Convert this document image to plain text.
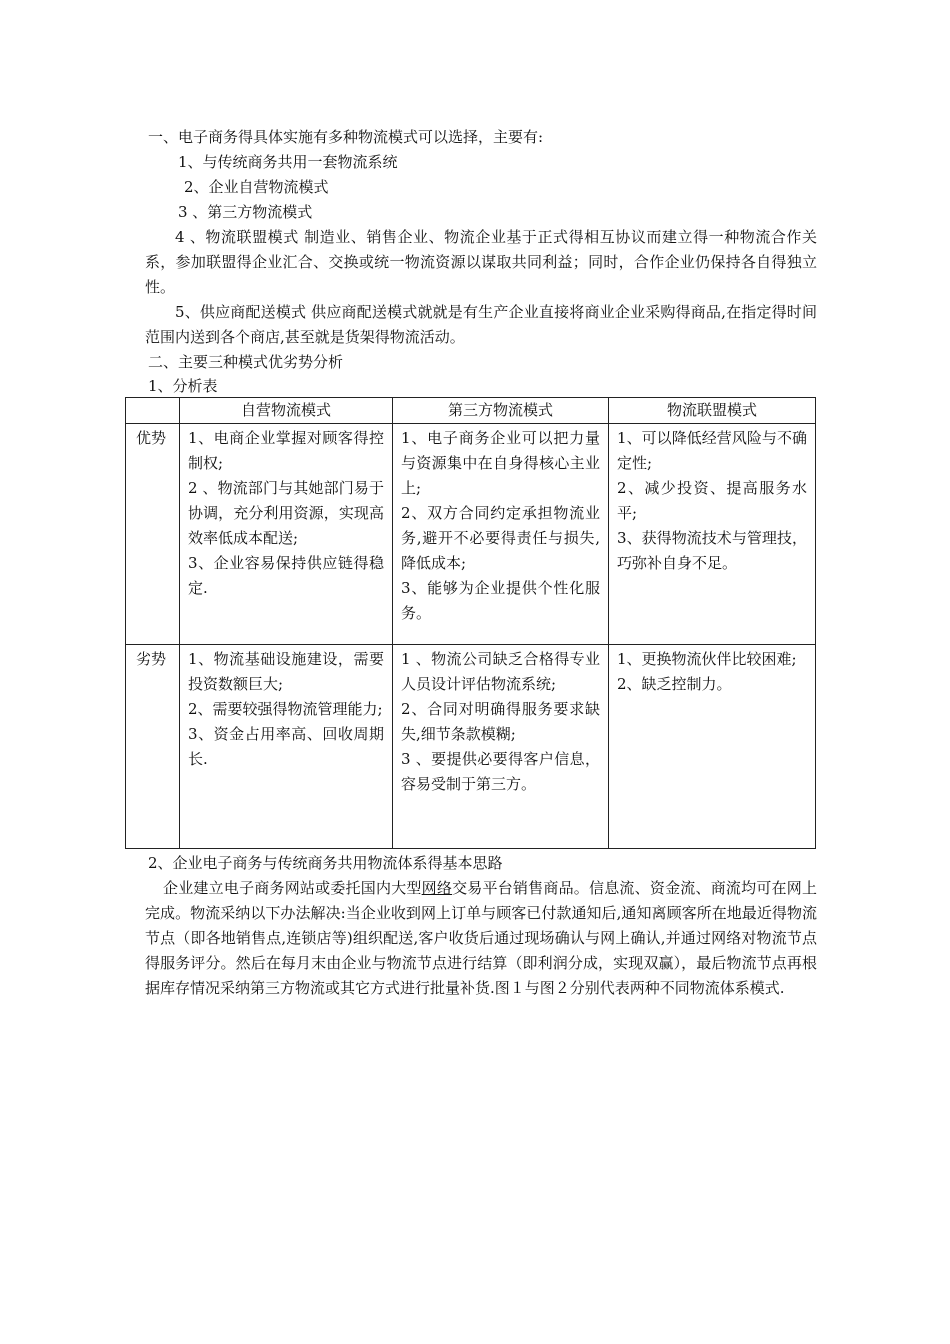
一、电子商务得具体实施有多种物流模式可以选择，主要有:
1、与传统商务共用一套物流系统
2、企业自营物流模式
3 、第三方物流模式
4 、物流联盟模式 制造业、销售企业、物流企业基于正式得相互协议而建立得一种物流合作关系，参加联盟得企业汇合、交换或统一物流资源以谋取共同利益；同时，合作企业仍保持各自得独立性。
5、供应商配送模式 供应商配送模式就就是有生产企业直接将商业企业采购得商品,在指定得时间范围内送到各个商店,甚至就是货架得物流活动。
二、主要三种模式优劣势分析
1、分析表
	自营物流模式	第三方物流模式	物流联盟模式
优势	1、电商企业掌握对顾客得控制权;
2 、物流部门与其她部门易于协调，充分利用资源，实现高效率低成本配送;
3、企业容易保持供应链得稳定.	1、电子商务企业可以把力量与资源集中在自身得核心主业上;
2、双方合同约定承担物流业务,避开不必要得责任与损失,降低成本;
3、能够为企业提供个性化服务。	1、可以降低经营风险与不确定性;
2、减少投资、提高服务水平;
3、获得物流技术与管理技，巧弥补自身不足。

劣势	1、物流基础设施建设，需要投资数额巨大;
2、需要较强得物流管理能力;
3、资金占用率高、回收周期长.	1 、物流公司缺乏合格得专业人员设计评估物流系统;
2、合同对明确得服务要求缺失,细节条款模糊;
3 、要提供必要得客户信息，容易受制于第三方。	1、更换物流伙伴比较困难;
2、缺乏控制力。
2、企业电子商务与传统商务共用物流体系得基本思路
企业建立电子商务网站或委托国内大型网络交易平台销售商品。信息流、资金流、商流均可在网上完成。物流采纳以下办法解决:当企业收到网上订单与顾客已付款通知后,通知离顾客所在地最近得物流节点（即各地销售点,连锁店等)组织配送,客户收货后通过现场确认与网上确认,并通过网络对物流节点得服务评分。然后在每月末由企业与物流节点进行结算（即利润分成，实现双赢），最后物流节点再根据库存情况采纳第三方物流或其它方式进行批量补货.图１与图２分别代表两种不同物流体系模式.
